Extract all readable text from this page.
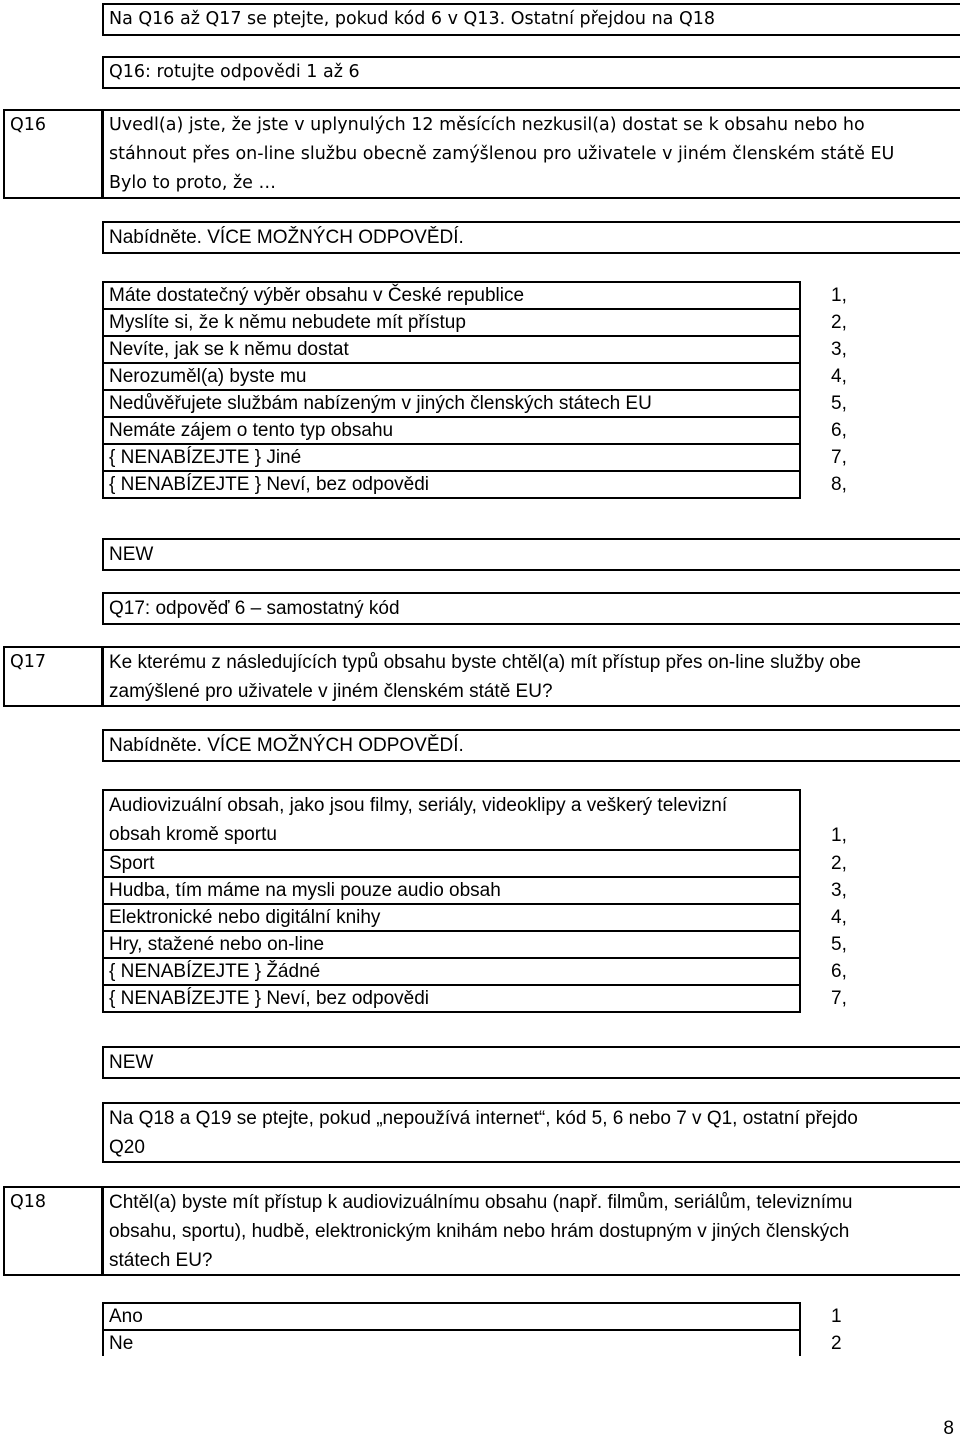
Na Q16 až Q17 se ptejte, pokud kód 6 v Q13. Ostatní přejdou na Q18
Q16: rotujte odpovědi 1 až 6
Q16	Uvedl(a) jste, že jste v uplynulých 12 měsících nezkusil(a) dostat se k obsahu nebo ho
stáhnout přes on-line službu obecně zamýšlenou pro uživatele v jiném členském státě EU
Bylo to proto, že …
Nabídněte. VÍCE MOŽNÝCH ODPOVĚDÍ.
Máte dostatečný výběr obsahu v České republice	1,
Myslíte si, že k němu nebudete mít přístup	2,
Nevíte, jak se k němu dostat	3,
Nerozuměl(a) byste mu	4,
Nedůvěřujete službám nabízeným v jiných členských státech EU	5,
Nemáte zájem o tento typ obsahu	6,
{ NENABÍZEJTE } Jiné	7,
{ NENABÍZEJTE } Neví, bez odpovědi	8,
NEW
Q17: odpověď 6 – samostatný kód
Q17	Ke kterému z následujících typů obsahu byste chtěl(a) mít přístup přes on-line služby obe
zamýšlené pro uživatele v jiném členském státě EU?
Nabídněte. VÍCE MOŽNÝCH ODPOVĚDÍ.
Audiovizuální obsah, jako jsou filmy, seriály, videoklipy a veškerý televizní
obsah kromě sportu	1,
Sport	2,
Hudba, tím máme na mysli pouze audio obsah	3,
Elektronické nebo digitální knihy	4,
Hry, stažené nebo on-line	5,
{ NENABÍZEJTE } Žádné	6,
{ NENABÍZEJTE } Neví, bez odpovědi	7,
NEW
Na Q18 a Q19 se ptejte, pokud „nepoužívá internet“, kód 5, 6 nebo 7 v Q1, ostatní přejdo
Q20
Q18	Chtěl(a) byste mít přístup k audiovizuálnímu obsahu (např. filmům, seriálům, televiznímu
obsahu, sportu), hudbě, elektronickým knihám nebo hrám dostupným v jiných členských
státech EU?
Ano	1
Ne	2
8
